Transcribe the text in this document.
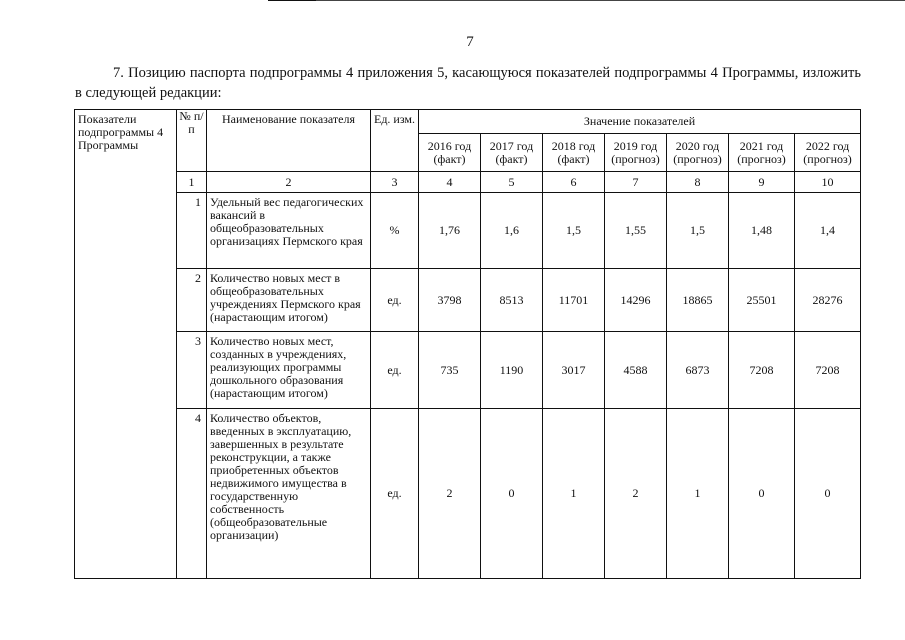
7
7. Позицию паспорта подпрограммы 4 приложения 5, касающуюся показателей подпрограммы 4 Программы, изложить в следующей редакции:
Показатели подпрограммы 4 Программы	№ п/п	Наименование показателя	Ед. изм.	Значение показателей						
				2016 год (факт)	2017 год (факт)	2018 год (факт)	2019 год (прогноз)	2020 год (прогноз)	2021 год (прогноз)	2022 год (прогноз)
	1	2	3	4	5	6	7	8	9	10
	1	Удельный вес педагогических вакансий в общеобразовательных организациях Пермского края	%	1,76	1,6	1,5	1,55	1,5	1,48	1,4
	2	Количество новых мест в общеобразовательных учреждениях Пермского края (нарастающим итогом)	ед.	3798	8513	11701	14296	18865	25501	28276
	3	Количество новых мест, созданных в учреждениях, реализующих программы дошкольного образования (нарастающим итогом)	ед.	735	1190	3017	4588	6873	7208	7208
	4	Количество объектов, введенных в эксплуатацию, завершенных в результате реконструкции, а также приобретенных объектов недвижимого имущества в государственную собственность (общеобразовательные организации)	ед.	2	0	1	2	1	0	0
